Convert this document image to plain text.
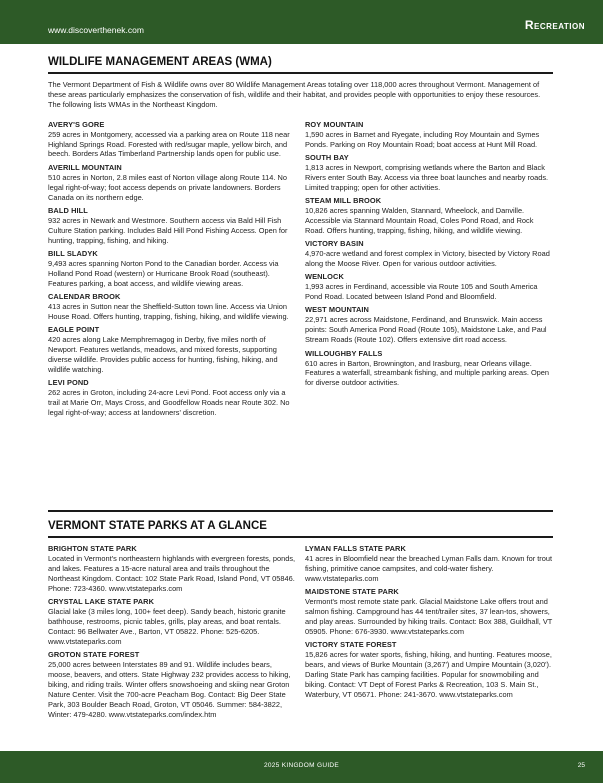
www.discoverthenek.com	Recreation
WILDLIFE MANAGEMENT AREAS (WMA)

The Vermont Department of Fish & Wildlife owns over 80 Wildlife Management Areas totaling over 118,000 acres throughout Vermont. Management of these areas particularly emphasizes the conservation of fish, wildlife and their habitat, and provides people with opportunities to enjoy these resources. The following lists WMAs in the Northeast Kingdom.

AVERY'S GORE
259 acres in Montgomery, accessed via a parking area on Route 118 near Highland Springs Road. Forested with red/sugar maple, yellow birch, and beech. Borders Atlas Timberland Partnership lands open for public use.
AVERILL MOUNTAIN
510 acres in Norton, 2.8 miles east of Norton village along Route 114. No legal right-of-way; foot access depends on private landowners. Borders Canada on its northern edge.
BALD HILL
932 acres in Newark and Westmore. Southern access via Bald Hill Fish Culture Station parking. Includes Bald Hill Pond Fishing Access. Open for hunting, trapping, fishing, and hiking.
BILL SLADYK
9,493 acres spanning Norton Pond to the Canadian border. Access via Holland Pond Road (western) or Hurricane Brook Road (southeast). Features parking, a boat access, and wildlife viewing areas.
CALENDAR BROOK
413 acres in Sutton near the Sheffield-Sutton town line. Access via Union House Road. Offers hunting, trapping, fishing, hiking, and wildlife viewing.
EAGLE POINT
420 acres along Lake Memphremagog in Derby, five miles north of Newport. Features wetlands, meadows, and mixed forests, supporting diverse wildlife. Provides public access for hunting, fishing, hiking, and wildlife watching.
LEVI POND
262 acres in Groton, including 24-acre Levi Pond. Foot access only via a trail at Marie Orr, Mays Cross, and Goodfellow Roads near Route 302. No legal right-of-way; access at landowners' discretion.
ROY MOUNTAIN
1,590 acres in Barnet and Ryegate, including Roy Mountain and Symes Ponds. Parking on Roy Mountain Road; boat access at Hunt Mill Road.
SOUTH BAY
1,813 acres in Newport, comprising wetlands where the Barton and Black Rivers enter South Bay. Access via three boat launches and nearby roads. Limited trapping; open for other activities.
STEAM MILL BROOK
10,826 acres spanning Walden, Stannard, Wheelock, and Danville. Accessible via Stannard Mountain Road, Coles Pond Road, and Rock Road. Offers hunting, trapping, fishing, hiking, and wildlife viewing.
VICTORY BASIN
4,970-acre wetland and forest complex in Victory, bisected by Victory Road along the Moose River. Open for various outdoor activities.
WENLOCK
1,993 acres in Ferdinand, accessible via Route 105 and South America Pond Road. Located between Island Pond and Bloomfield.
WEST MOUNTAIN
22,971 acres across Maidstone, Ferdinand, and Brunswick. Main access points: South America Pond Road (Route 105), Maidstone Lake, and Paul Stream Roads (Route 102). Offers extensive dirt road access.
WILLOUGHBY FALLS
610 acres in Barton, Brownington, and Irasburg, near Orleans village. Features a waterfall, streambank fishing, and multiple parking areas. Open for diverse outdoor activities.
VERMONT STATE PARKS AT A GLANCE
BRIGHTON STATE PARK
Located in Vermont's northeastern highlands with evergreen forests, ponds, and lakes. Features a 15-acre natural area and trails throughout the Northeast Kingdom. Contact: 102 State Park Road, Island Pond, VT 05846. Phone: 723-4360. www.vtstateparks.com
CRYSTAL LAKE STATE PARK
Glacial lake (3 miles long, 100+ feet deep). Sandy beach, historic granite bathhouse, restrooms, picnic tables, grills, play areas, and boat rentals. Contact: 96 Bellwater Ave., Barton, VT 05822. Phone: 525-6205. www.vtstateparks.com
GROTON STATE FOREST
25,000 acres between Interstates 89 and 91. Wildlife includes bears, moose, beavers, and otters. State Highway 232 provides access to hiking, biking, and riding trails. Winter offers snowshoeing and skiing near Groton Nature Center. Visit the 700-acre Peacham Bog. Contact: Big Deer State Park, 303 Boulder Beach Road, Groton, VT 05046. Summer: 584-3822, Winter: 479-4280. www.vtstateparks.com/index.htm
LYMAN FALLS STATE PARK
41 acres in Bloomfield near the breached Lyman Falls dam. Known for trout fishing, primitive canoe campsites, and cold-water fishery. www.vtstateparks.com
MAIDSTONE STATE PARK
Vermont's most remote state park. Glacial Maidstone Lake offers trout and salmon fishing. Campground has 44 tent/trailer sites, 37 lean-tos, showers, and play areas. Surrounded by hiking trails. Contact: Box 388, Guildhall, VT 05905. Phone: 676-3930. www.vtstateparks.com
VICTORY STATE FOREST
15,826 acres for water sports, fishing, hiking, and hunting. Features moose, bears, and views of Burke Mountain (3,267') and Umpire Mountain (3,020'). Darling State Park has camping facilities. Popular for snowmobiling and biking. Contact: VT Dept of Forest Parks & Recreation, 103 S. Main St., Waterbury, VT 05671. Phone: 241-3670. www.vtstateparks.com
2025 KINGDOM GUIDE	25
